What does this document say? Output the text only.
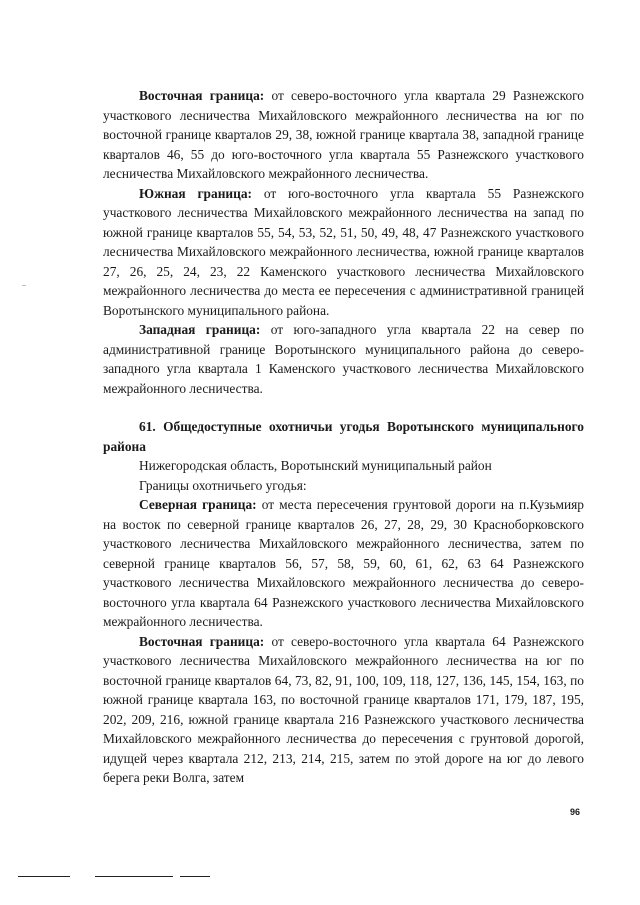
Восточная граница: от северо-восточного угла квартала 29 Разнежского участкового лесничества Михайловского межрайонного лесничества на юг по восточной границе кварталов 29, 38, южной границе квартала 38, западной границе кварталов 46, 55 до юго-восточного угла квартала 55 Разнежского участкового лесничества Михайловского межрайонного лесничества.

Южная граница: от юго-восточного угла квартала 55 Разнежского участкового лесничества Михайловского межрайонного лесничества на запад по южной границе кварталов 55, 54, 53, 52, 51, 50, 49, 48, 47 Разнежского участкового лесничества Михайловского межрайонного лесничества, южной границе кварталов 27, 26, 25, 24, 23, 22 Каменского участкового лесничества Михайловского межрайонного лесничества до места ее пересечения с административной границей Воротынского муниципального района.

Западная граница: от юго-западного угла квартала 22 на север по административной границе Воротынского муниципального района до северо-западного угла квартала 1 Каменского участкового лесничества Михайловского межрайонного лесничества.

61. Общедоступные охотничьи угодья Воротынского муниципального района

Нижегородская область, Воротынский муниципальный район

Границы охотничьего угодья:

Северная граница: от места пересечения грунтовой дороги на п.Кузьмияр на восток по северной границе кварталов 26, 27, 28, 29, 30 Красноборковского участкового лесничества Михайловского межрайонного лесничества, затем по северной границе кварталов 56, 57, 58, 59, 60, 61, 62, 63 64 Разнежского участкового лесничества Михайловского межрайонного лесничества до северо-восточного угла квартала 64 Разнежского участкового лесничества Михайловского межрайонного лесничества.

Восточная граница: от северо-восточного угла квартала 64 Разнежского участкового лесничества Михайловского межрайонного лесничества на юг по восточной границе кварталов 64, 73, 82, 91, 100, 109, 118, 127, 136, 145, 154, 163, по южной границе квартала 163, по восточной границе кварталов 171, 179, 187, 195, 202, 209, 216, южной границе квартала 216 Разнежского участкового лесничества Михайловского межрайонного лесничества до пересечения с грунтовой дорогой, идущей через квартала 212, 213, 214, 215, затем по этой дороге на юг до левого берега реки Волга, затем

96
